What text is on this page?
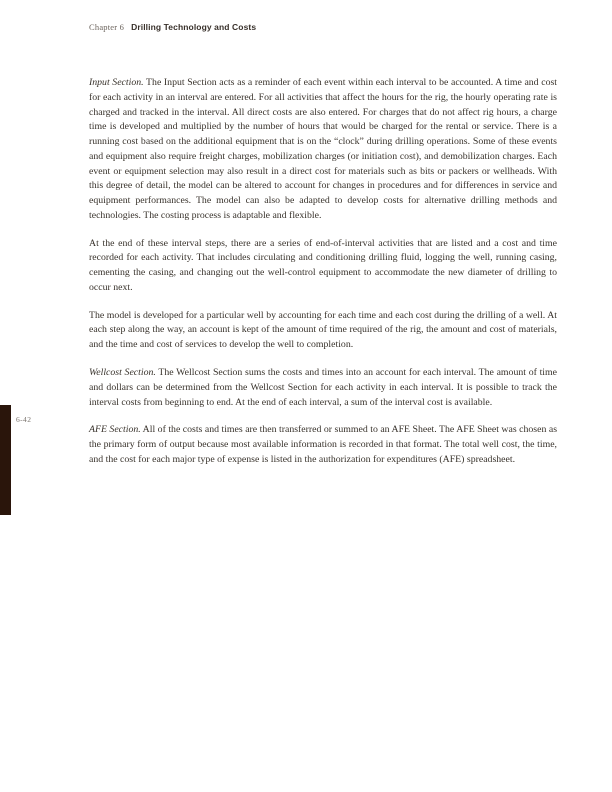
Chapter 6 Drilling Technology and Costs

Input Section. The Input Section acts as a reminder of each event within each interval to be accounted. A time and cost for each activity in an interval are entered. For all activities that affect the hours for the rig, the hourly operating rate is charged and tracked in the interval. All direct costs are also entered. For charges that do not affect rig hours, a charge time is developed and multiplied by the number of hours that would be charged for the rental or service. There is a running cost based on the additional equipment that is on the “clock” during drilling operations. Some of these events and equipment also require freight charges, mobilization charges (or initiation cost), and demobilization charges. Each event or equipment selection may also result in a direct cost for materials such as bits or packers or wellheads. With this degree of detail, the model can be altered to account for changes in procedures and for differences in service and equipment performances. The model can also be adapted to develop costs for alternative drilling methods and technologies. The costing process is adaptable and flexible.

At the end of these interval steps, there are a series of end-of-interval activities that are listed and a cost and time recorded for each activity. That includes circulating and conditioning drilling fluid, logging the well, running casing, cementing the casing, and changing out the well-control equipment to accommodate the new diameter of drilling to occur next.

The model is developed for a particular well by accounting for each time and each cost during the drilling of a well. At each step along the way, an account is kept of the amount of time required of the rig, the amount and cost of materials, and the time and cost of services to develop the well to completion.

Wellcost Section. The Wellcost Section sums the costs and times into an account for each interval. The amount of time and dollars can be determined from the Wellcost Section for each activity in each interval. It is possible to track the interval costs from beginning to end. At the end of each interval, a sum of the interval cost is available.

AFE Section. All of the costs and times are then transferred or summed to an AFE Sheet. The AFE Sheet was chosen as the primary form of output because most available information is recorded in that format. The total well cost, the time, and the cost for each major type of expense is listed in the authorization for expenditures (AFE) spreadsheet.

6-42
